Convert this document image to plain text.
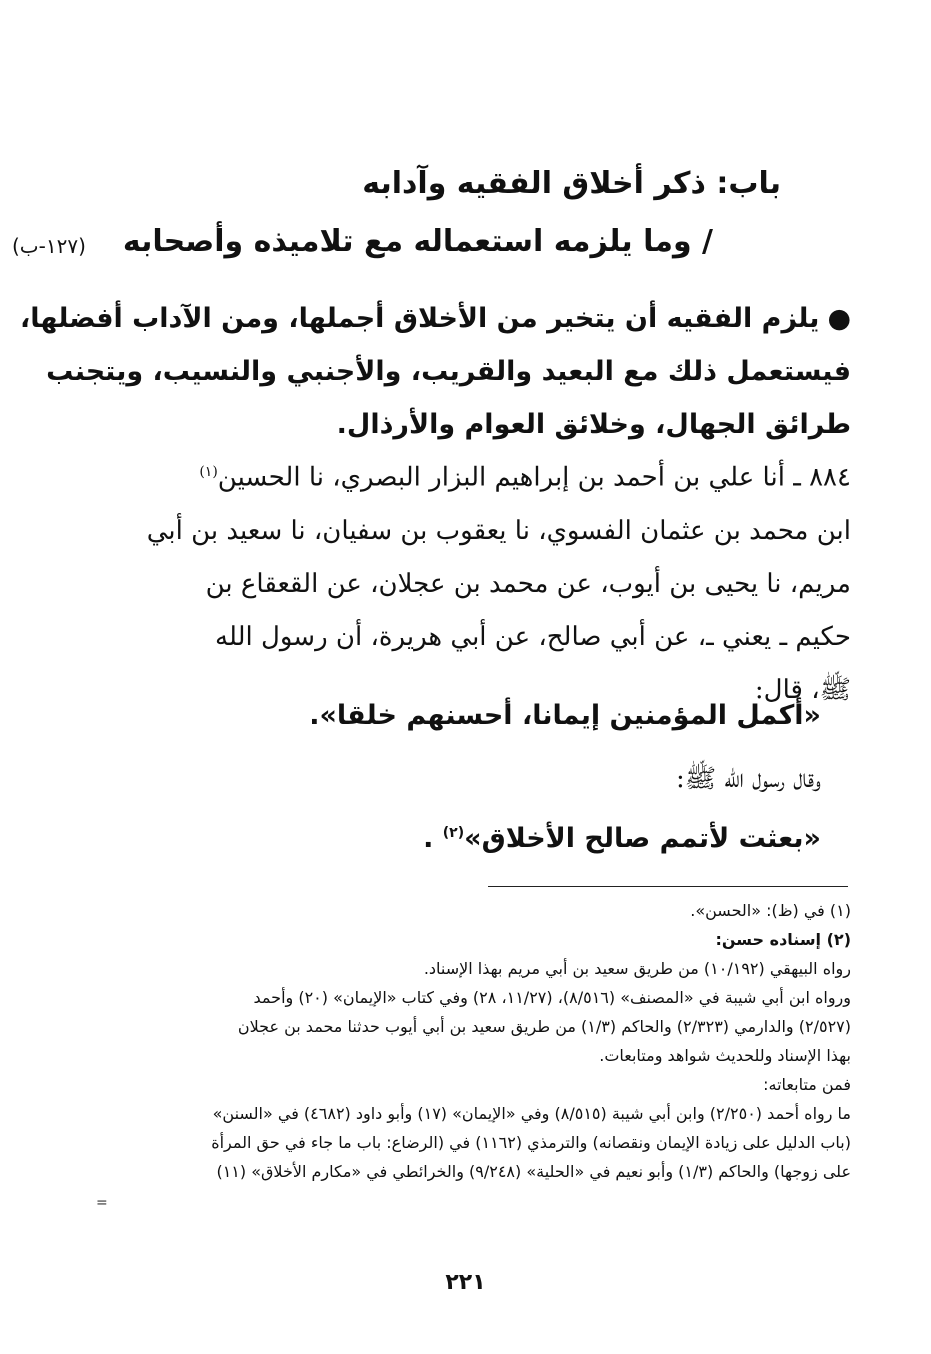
باب: ذكر أخلاق الفقيه وآدابه
/ وما يلزمه استعماله مع تلاميذه وأصحابه
(١٢٧-ب)
●يلزم الفقيه أن يتخير من الأخلاق أجملها، ومن الآداب أفضلها،
فيستعمل ذلك مع البعيد والقريب، والأجنبي والنسيب، ويتجنب
طرائق الجهال، وخلائق العوام والأرذال.
٨٨٤ ـ أنا علي بن أحمد بن إبراهيم البزار البصري، نا الحسين$^{(١)}$
ابن محمد بن عثمان الفسوي، نا يعقوب بن سفيان، نا سعيد بن أبي
مريم، نا يحيى بن أيوب، عن محمد بن عجلان، عن القعقاع بن
حكيم ـ يعني ـ، عن أبي صالح، عن أبي هريرة، أن رسول الله
ﷺ، قال:
«أكمل المؤمنين إيمانا، أحسنهم خلقا».
وقال رسول الله ﷺ:
«بعثت لأتمم صالح الأخلاق»$^{(٢)}$ .
(١) في (ظ): «الحسن».
(٢) إسناده حسن:
رواه البيهقي (١٠/١٩٢) من طريق سعيد بن أبي مريم بهذا الإسناد.
ورواه ابن أبي شيبة في «المصنف» (٨/٥١٦)، (١١/٢٧، ٢٨) وفي كتاب «الإيمان» (٢٠) وأحمد
(٢/٥٢٧) والدارمي (٢/٣٢٣) والحاكم (١/٣) من طريق سعيد بن أبي أيوب حدثنا محمد بن عجلان
بهذا الإسناد وللحديث شواهد ومتابعات.
فمن متابعاته:
ما رواه أحمد (٢/٢٥٠) وابن أبي شيبة (٨/٥١٥) وفي «الإيمان» (١٧) وأبو داود (٤٦٨٢) في «السنن»
(باب الدليل على زيادة الإيمان ونقصانه) والترمذي (١١٦٢) في (الرضاع: باب ما جاء في حق المرأة
على زوجها) والحاكم (١/٣) وأبو نعيم في «الحلية» (٩/٢٤٨) والخرائطي في «مكارم الأخلاق» (١١)
=
٢٢١
